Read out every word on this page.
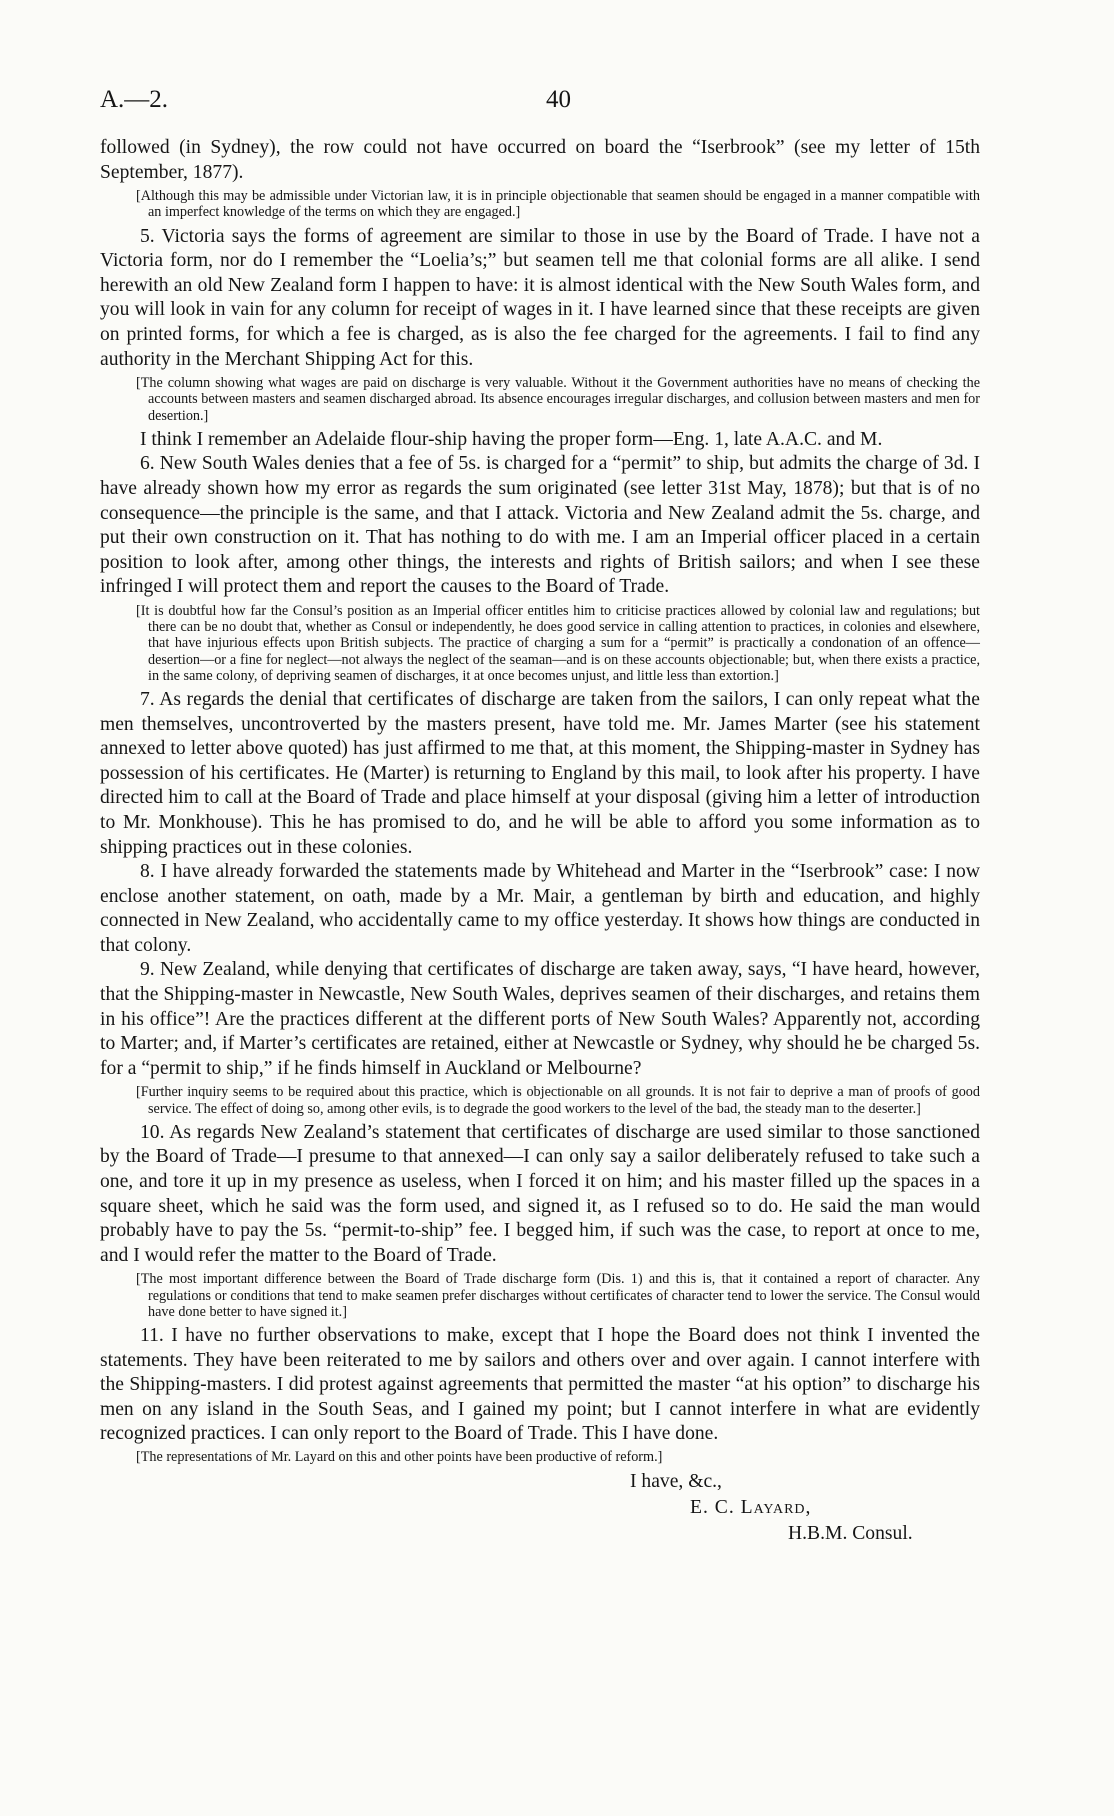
A.—2.	40

followed (in Sydney), the row could not have occurred on board the “Iserbrook” (see my letter of 15th September, 1877).

[Although this may be admissible under Victorian law, it is in principle objectionable that seamen should be engaged in a manner compatible with an imperfect knowledge of the terms on which they are engaged.]

5. Victoria says the forms of agreement are similar to those in use by the Board of Trade. I have not a Victoria form, nor do I remember the “Loelia’s;” but seamen tell me that colonial forms are all alike. I send herewith an old New Zealand form I happen to have: it is almost identical with the New South Wales form, and you will look in vain for any column for receipt of wages in it. I have learned since that these receipts are given on printed forms, for which a fee is charged, as is also the fee charged for the agreements. I fail to find any authority in the Merchant Shipping Act for this.

[The column showing what wages are paid on discharge is very valuable. Without it the Government authorities have no means of checking the accounts between masters and seamen discharged abroad. Its absence encourages irregular discharges, and collusion between masters and men for desertion.]

I think I remember an Adelaide flour-ship having the proper form—Eng. 1, late A.A.C. and M.

6. New South Wales denies that a fee of 5s. is charged for a “permit” to ship, but admits the charge of 3d. I have already shown how my error as regards the sum originated (see letter 31st May, 1878); but that is of no consequence—the principle is the same, and that I attack. Victoria and New Zealand admit the 5s. charge, and put their own construction on it. That has nothing to do with me. I am an Imperial officer placed in a certain position to look after, among other things, the interests and rights of British sailors; and when I see these infringed I will protect them and report the causes to the Board of Trade.

[It is doubtful how far the Consul’s position as an Imperial officer entitles him to criticise practices allowed by colonial law and regulations; but there can be no doubt that, whether as Consul or independently, he does good service in calling attention to practices, in colonies and elsewhere, that have injurious effects upon British subjects. The practice of charging a sum for a “permit” is practically a condonation of an offence—desertion—or a fine for neglect—not always the neglect of the seaman—and is on these accounts objectionable; but, when there exists a practice, in the same colony, of depriving seamen of discharges, it at once becomes unjust, and little less than extortion.]

7. As regards the denial that certificates of discharge are taken from the sailors, I can only repeat what the men themselves, uncontroverted by the masters present, have told me. Mr. James Marter (see his statement annexed to letter above quoted) has just affirmed to me that, at this moment, the Shipping-master in Sydney has possession of his certificates. He (Marter) is returning to England by this mail, to look after his property. I have directed him to call at the Board of Trade and place himself at your disposal (giving him a letter of introduction to Mr. Monkhouse). This he has promised to do, and he will be able to afford you some information as to shipping practices out in these colonies.

8. I have already forwarded the statements made by Whitehead and Marter in the “Iserbrook” case: I now enclose another statement, on oath, made by a Mr. Mair, a gentleman by birth and education, and highly connected in New Zealand, who accidentally came to my office yesterday. It shows how things are conducted in that colony.

9. New Zealand, while denying that certificates of discharge are taken away, says, “I have heard, however, that the Shipping-master in Newcastle, New South Wales, deprives seamen of their discharges, and retains them in his office”! Are the practices different at the different ports of New South Wales? Apparently not, according to Marter; and, if Marter’s certificates are retained, either at Newcastle or Sydney, why should he be charged 5s. for a “permit to ship,” if he finds himself in Auckland or Melbourne?

[Further inquiry seems to be required about this practice, which is objectionable on all grounds. It is not fair to deprive a man of proofs of good service. The effect of doing so, among other evils, is to degrade the good workers to the level of the bad, the steady man to the deserter.]

10. As regards New Zealand’s statement that certificates of discharge are used similar to those sanctioned by the Board of Trade—I presume to that annexed—I can only say a sailor deliberately refused to take such a one, and tore it up in my presence as useless, when I forced it on him; and his master filled up the spaces in a square sheet, which he said was the form used, and signed it, as I refused so to do. He said the man would probably have to pay the 5s. “permit-to-ship” fee. I begged him, if such was the case, to report at once to me, and I would refer the matter to the Board of Trade.

[The most important difference between the Board of Trade discharge form (Dis. 1) and this is, that it contained a report of character. Any regulations or conditions that tend to make seamen prefer discharges without certificates of character tend to lower the service. The Consul would have done better to have signed it.]

11. I have no further observations to make, except that I hope the Board does not think I invented the statements. They have been reiterated to me by sailors and others over and over again. I cannot interfere with the Shipping-masters. I did protest against agreements that permitted the master “at his option” to discharge his men on any island in the South Seas, and I gained my point; but I cannot interfere in what are evidently recognized practices. I can only report to the Board of Trade. This I have done.

[The representations of Mr. Layard on this and other points have been productive of reform.]

I have, &c.,
E. C. Layard,
H.B.M. Consul.
